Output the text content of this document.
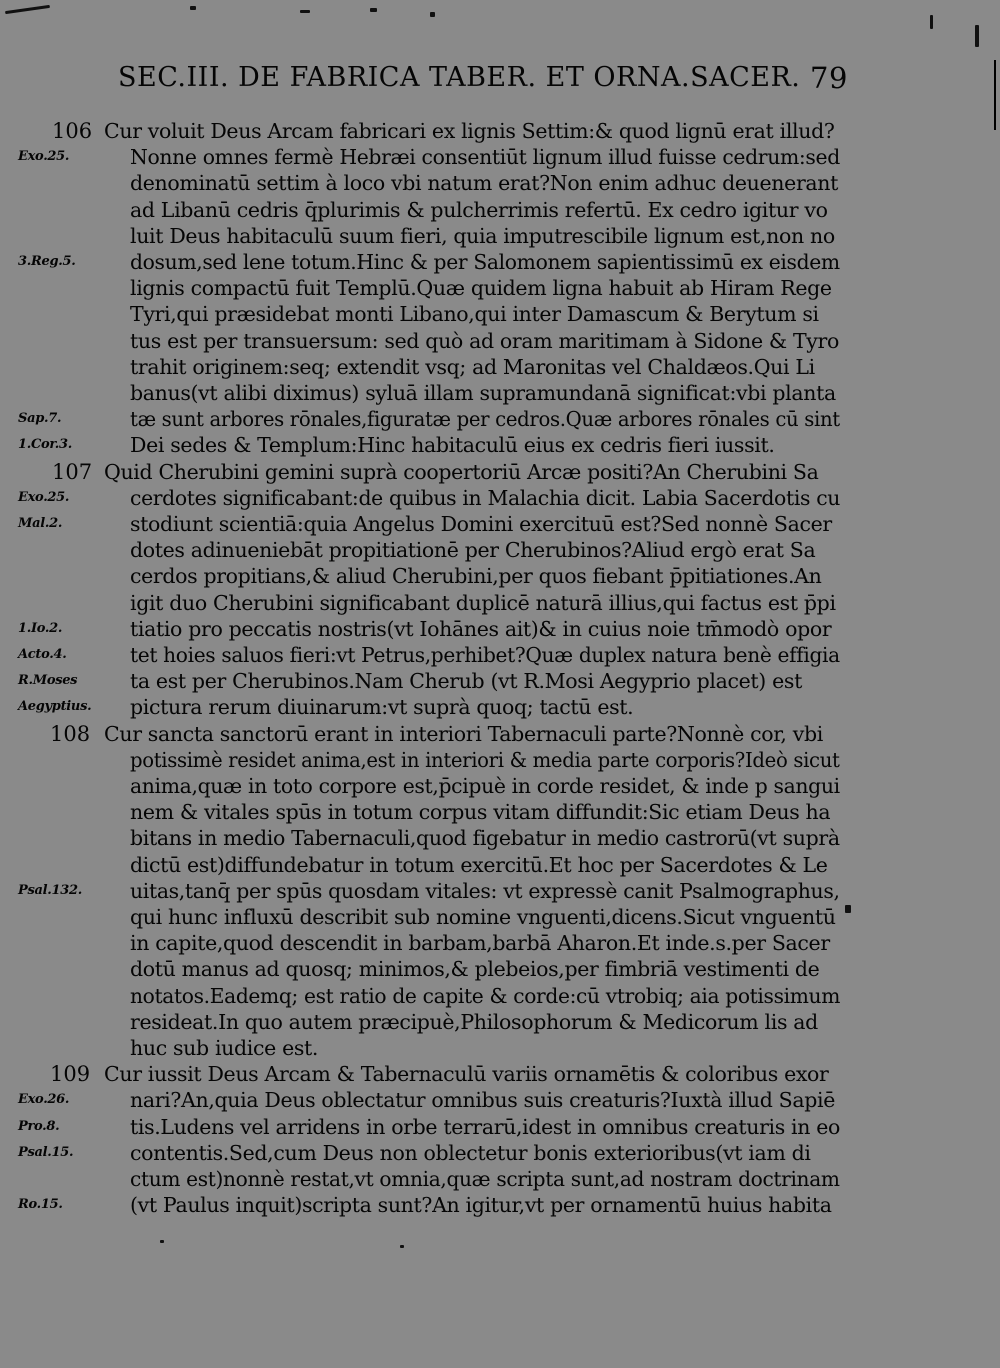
SEC.III. DE FABRICA TABER. ET ORNA.SACER. 79
106 Cur voluit Deus Arcam fabricari ex lignis Settim:& quod lignū erat illud?
Exo.25.	Nonne omnes fermè Hebræi consentiūt lignum illud fuisse cedrum:sed
denominatū settim à loco vbi natum erat?Non enim adhuc deuenerant
ad Libanū cedris q̄plurimis & pulcherrimis refertū. Ex cedro igitur vo
luit Deus habitaculū suum fieri, quia imputrescibile lignum est,non no
3.Reg.5.	dosum,sed lene totum.Hinc & per Salomonem sapientissimū ex eisdem
lignis compactū fuit Templū.Quæ quidem ligna habuit ab Hiram Rege
Tyri,qui præsidebat monti Libano,qui inter Damascum & Berytum si
tus est per transuersum: sed quò ad oram maritimam à Sidone & Tyro
trahit originem:seq; extendit vsq; ad Maronitas vel Chaldæos.Qui Li
banus(vt alibi diximus) syluā illam supramundanā significat:vbi planta
Sap.7.	tæ sunt arbores rōnales,figuratæ per cedros.Quæ arbores rōnales cū sint
1.Cor.3.	Dei sedes & Templum:Hinc habitaculū eius ex cedris fieri iussit.
107 Quid Cherubini gemini suprà coopertoriū Arcæ positi?An Cherubini Sa
Exo.25.	cerdotes significabant:de quibus in Malachia dicit. Labia Sacerdotis cu
Mal.2.	stodiunt scientiā:quia Angelus Domini exercituū est?Sed nonnè Sacer
dotes adinueniebāt propitiationē per Cherubinos?Aliud ergò erat Sa
cerdos propitians,& aliud Cherubini,per quos fiebant p̄pitiationes.An
igit duo Cherubini significabant duplicē naturā illius,qui factus est p̄pi
1.Io.2.	tiatio pro peccatis nostris(vt Iohānes ait)& in cuius noie tm̄modò opor
Acto.4.	tet hoies saluos fieri:vt Petrus,perhibet?Quæ duplex natura benè effigia
R.Moses	ta est per Cherubinos.Nam Cherub (vt R.Mosi Aegyprio placet) est
Aegyptius.	pictura rerum diuinarum:vt suprà quoq; tactū est.
108 Cur sancta sanctorū erant in interiori Tabernaculi parte?Nonnè cor, vbi
potissimè residet anima,est in interiori & media parte corporis?Ideò sicut
anima,quæ in toto corpore est,p̄cipuè in corde residet, & inde p sangui
nem & vitales spūs in totum corpus vitam diffundit:Sic etiam Deus ha
bitans in medio Tabernaculi,quod figebatur in medio castrorū(vt suprà
dictū est)diffundebatur in totum exercitū.Et hoc per Sacerdotes & Le
Psal.132.	uitas,tanq̄ per spūs quosdam vitales: vt expressè canit Psalmographus,
qui hunc influxū describit sub nomine vnguenti,dicens.Sicut vnguentū
in capite,quod descendit in barbam,barbā Aharon.Et inde.s.per Sacer
dotū manus ad quosq; minimos,& plebeios,per fimbriā vestimenti de
notatos.Eademq; est ratio de capite & corde:cū vtrobiq; aia potissimum
resideat.In quo autem præcipuè,Philosophorum & Medicorum lis ad
huc sub iudice est.
109 Cur iussit Deus Arcam & Tabernaculū variis ornamētis & coloribus exor
Exo.26.	nari?An,quia Deus oblectatur omnibus suis creaturis?Iuxtà illud Sapiē
Pro.8.	tis.Ludens vel arridens in orbe terrarū,idest in omnibus creaturis in eo
Psal.15.	contentis.Sed,cum Deus non oblectetur bonis exterioribus(vt iam di
ctum est)nonnè restat,vt omnia,quæ scripta sunt,ad nostram doctrinam
Ro.15.	(vt Paulus inquit)scripta sunt?An igitur,vt per ornamentū huius habita
